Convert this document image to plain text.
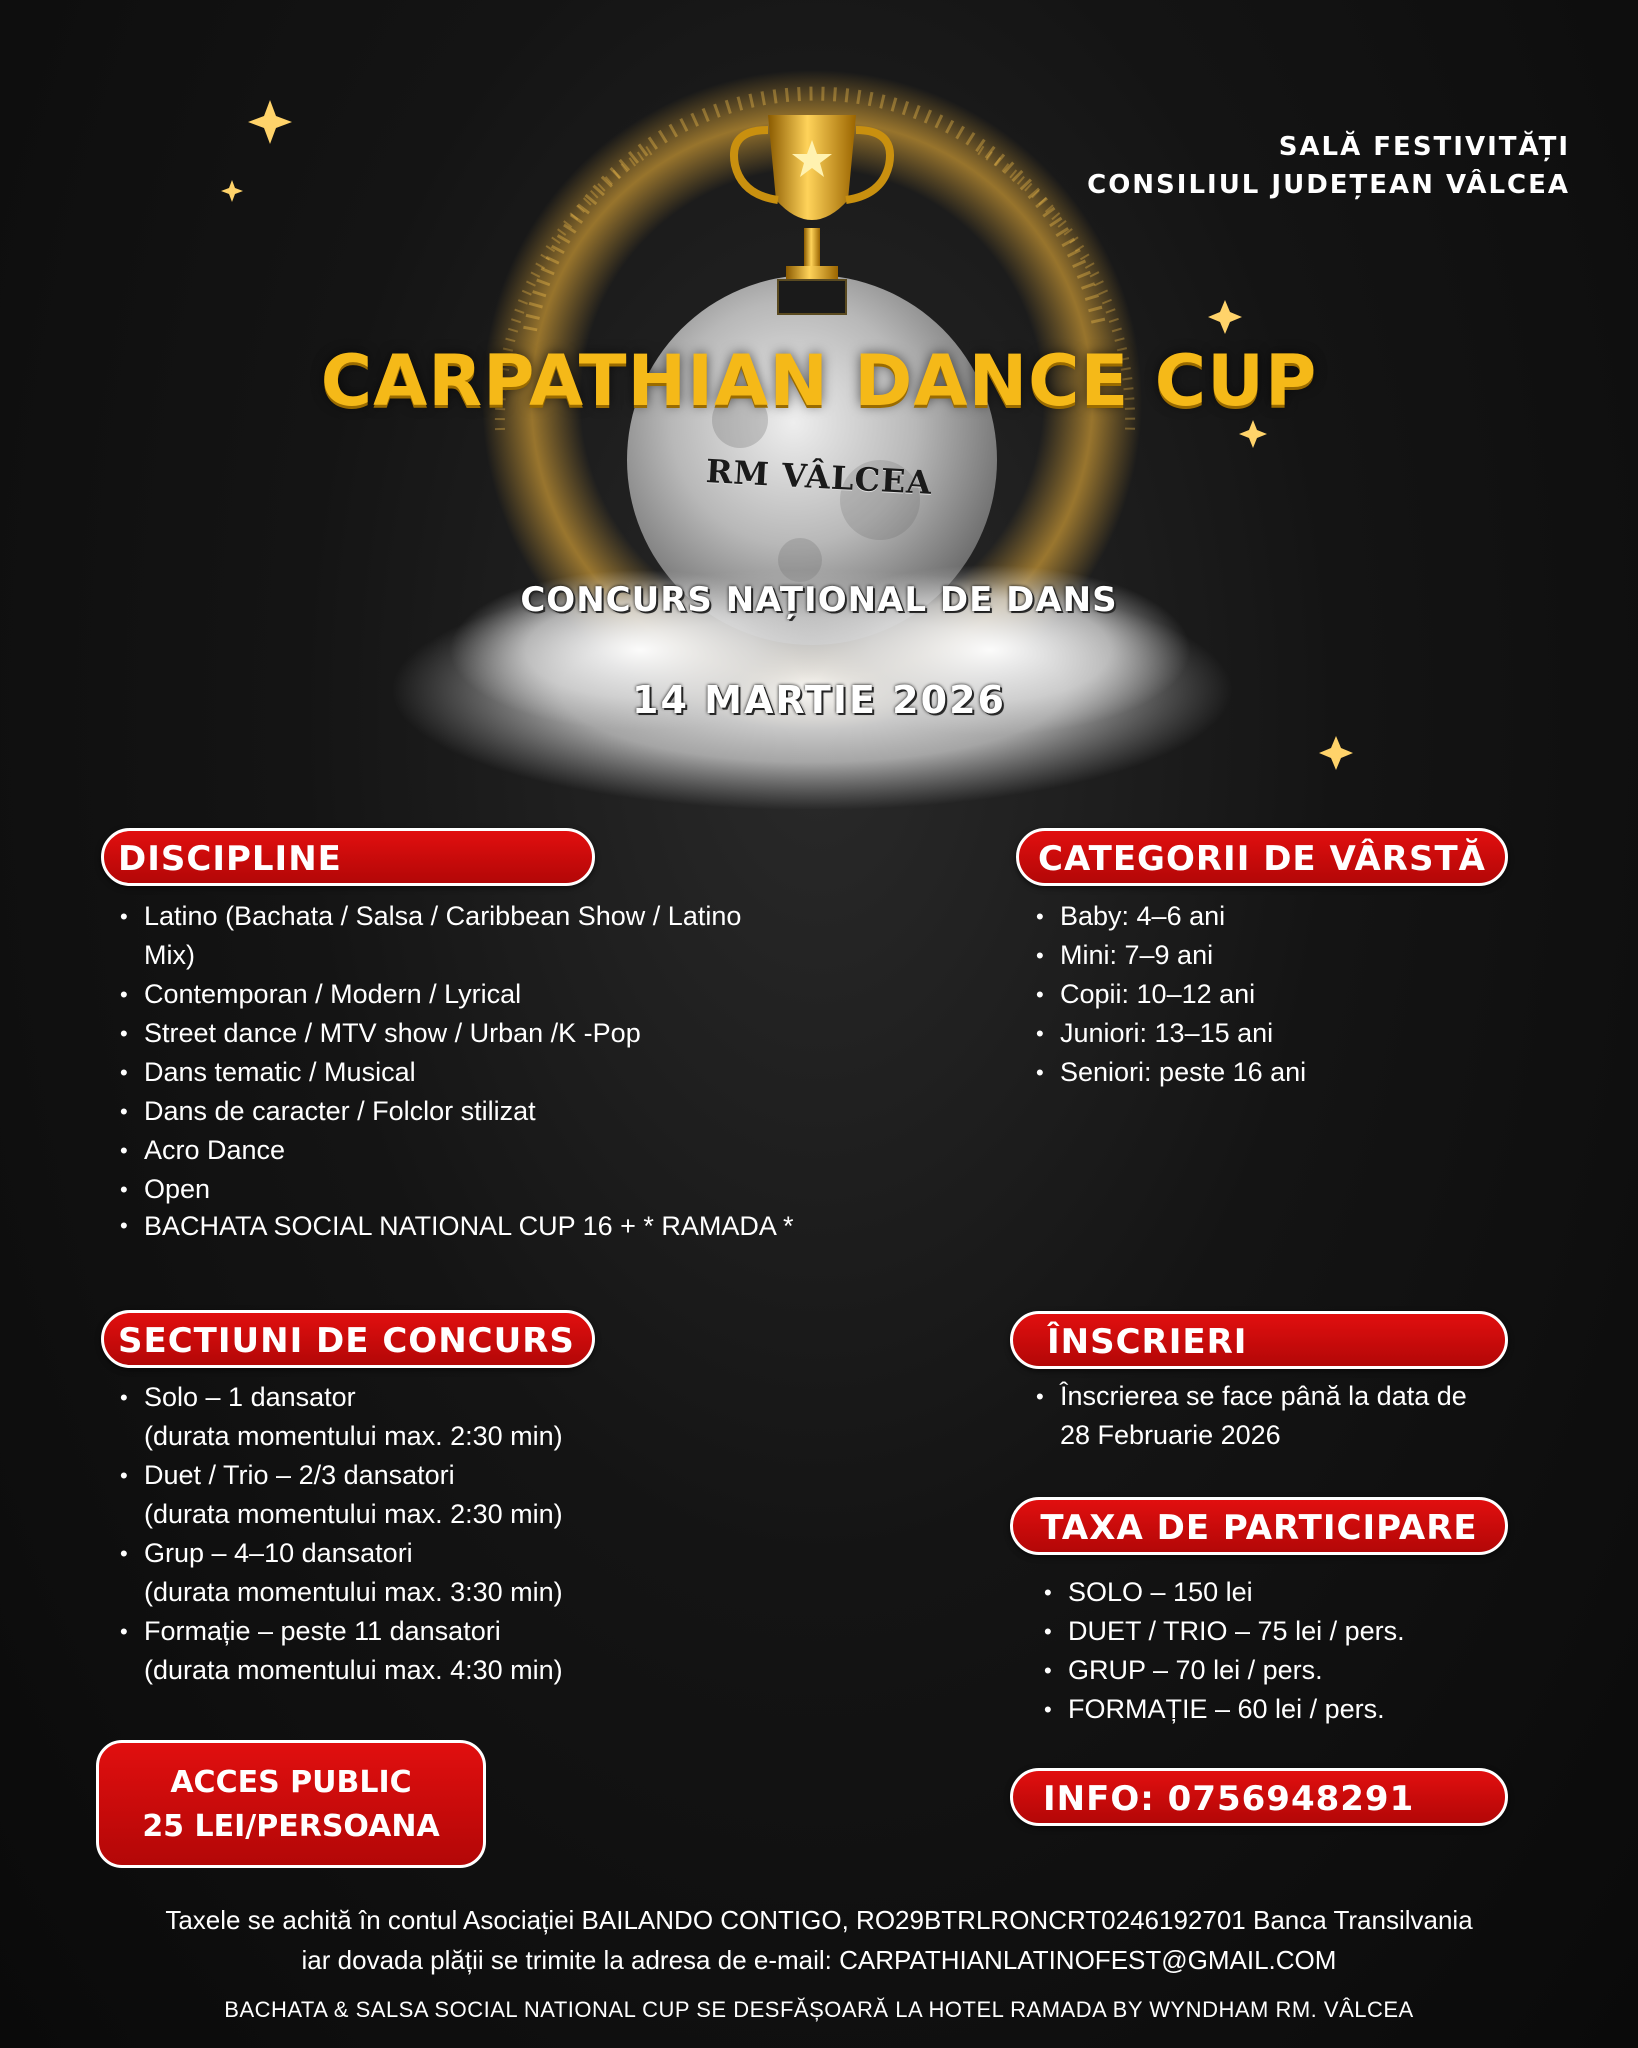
SALĂ FESTIVITĂȚI
CONSILIUL JUDEȚEAN VÂLCEA
CARPATHIAN DANCE CUP
RM VÂLCEA
CONCURS NAȚIONAL DE DANS
14 MARTIE 2026
DISCIPLINE
• Latino (Bachata / Salsa / Caribbean Show / Latino
Mix)
• Contemporan / Modern / Lyrical
• Street dance / MTV show / Urban /K -Pop
• Dans tematic / Musical
• Dans de caracter / Folclor stilizat
• Acro Dance
• Open
• BACHATA SOCIAL NATIONAL CUP 16 + * RAMADA *
CATEGORII DE VÂRSTĂ
• Baby: 4–6 ani
• Mini: 7–9 ani
• Copii: 10–12 ani
• Juniori: 13–15 ani
• Seniori: peste 16 ani
SECTIUNI DE CONCURS
• Solo – 1 dansator
(durata momentului max. 2:30 min)
• Duet / Trio – 2/3 dansatori
(durata momentului max. 2:30 min)
• Grup – 4–10 dansatori
(durata momentului max. 3:30 min)
• Formație – peste 11 dansatori
(durata momentului max. 4:30 min)
ÎNSCRIERI
• Înscrierea se face până la data de
28 Februarie 2026
TAXA DE PARTICIPARE
• SOLO – 150 lei
• DUET / TRIO – 75 lei / pers.
• GRUP – 70 lei / pers.
• FORMAȚIE – 60 lei / pers.
ACCES PUBLIC
25 LEI/PERSOANA
INFO: 0756948291
Taxele se achită în contul Asociației BAILANDO CONTIGO, RO29BTRLRONCRT0246192701 Banca Transilvania
iar dovada plății se trimite la adresa de e-mail: CARPATHIANLATINOFEST@GMAIL.COM
BACHATA & SALSA SOCIAL NATIONAL CUP SE DESFĂȘOARĂ LA HOTEL RAMADA BY WYNDHAM RM. VÂLCEA
